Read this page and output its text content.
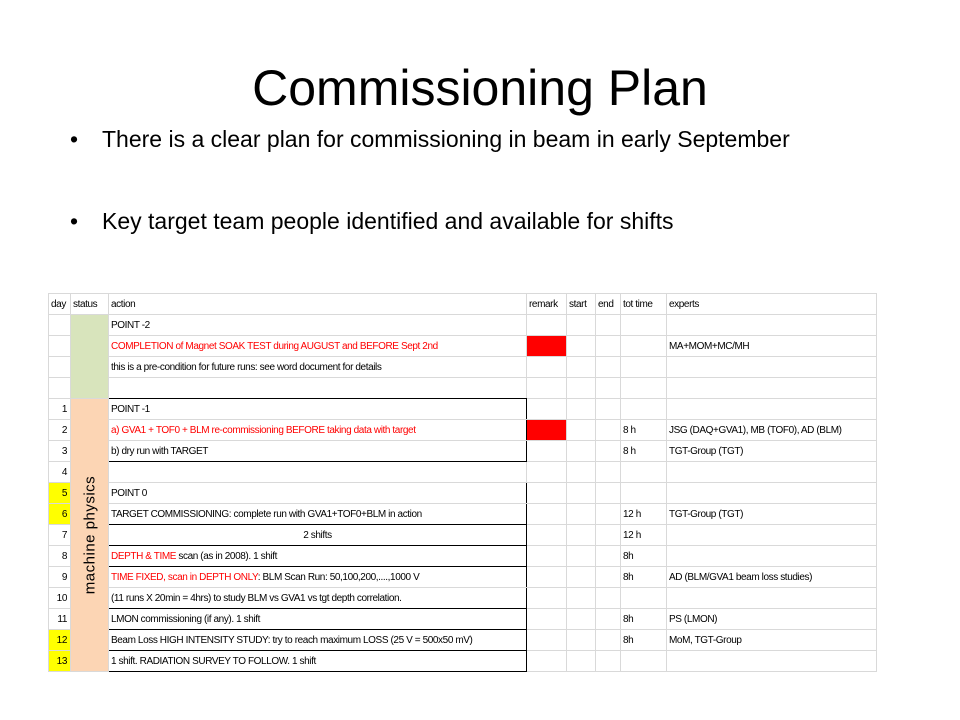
Commissioning Plan
• There is a clear plan for commissioning in beam in early September
• Key target team people identified and available for shifts
day	status	action	remark	start	end	tot time	experts
		POINT -2					
		COMPLETION of Magnet SOAK TEST during AUGUST and BEFORE Sept 2nd					MA+MOM+MC/MH
		this is a pre-condition for future runs: see word document for details					

1	machine physics	POINT -1					
2		a) GVA1 + TOF0 + BLM re-commissioning BEFORE taking data with target				8 h	JSG (DAQ+GVA1), MB (TOF0), AD (BLM)
3		b) dry run with TARGET				8 h	TGT-Group (TGT)
4							
5		POINT 0					
6		TARGET COMMISSIONING: complete run with GVA1+TOF0+BLM in action				12 h	TGT-Group (TGT)
7		2 shifts				12 h	
8		DEPTH & TIME scan (as in 2008). 1 shift				8h	
9		TIME FIXED, scan in DEPTH ONLY: BLM Scan Run: 50,100,200,....,1000 V				8h	AD (BLM/GVA1 beam loss studies)
10		(11 runs X 20min = 4hrs) to study BLM vs GVA1 vs tgt depth correlation.					
11		LMON commissioning (if any). 1 shift				8h	PS (LMON)
12		Beam Loss HIGH INTENSITY STUDY: try to reach maximum LOSS (25 V = 500x50 mV)				8h	MoM, TGT-Group
13		1 shift. RADIATION SURVEY TO FOLLOW. 1 shift					
